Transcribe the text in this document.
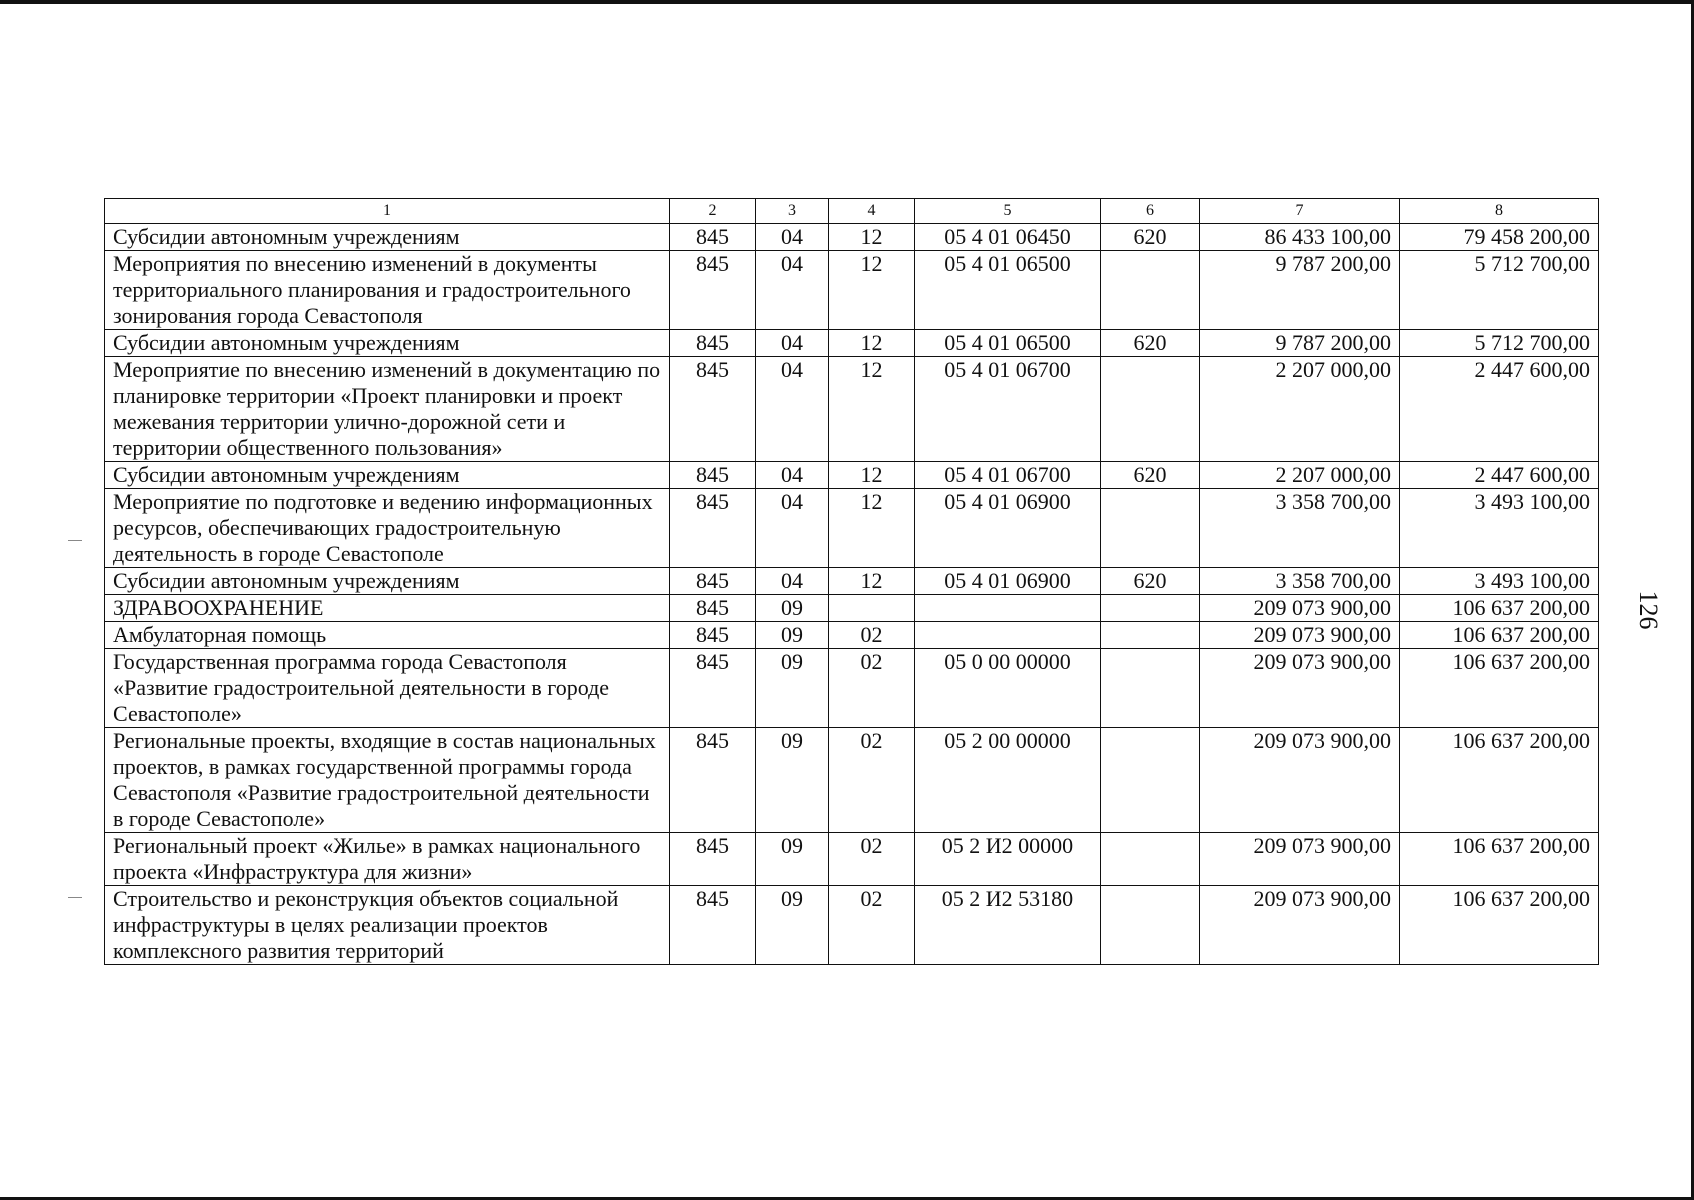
1	2	3	4	5	6	7	8
Субсидии автономным учреждениям	845	04	12	05 4 01 06450	620	86 433 100,00	79 458 200,00
Мероприятия по внесению изменений в документы территориального планирования и градостроительного зонирования города Севастополя	845	04	12	05 4 01 06500		9 787 200,00	5 712 700,00
Субсидии автономным учреждениям	845	04	12	05 4 01 06500	620	9 787 200,00	5 712 700,00
Мероприятие по внесению изменений в документацию по планировке территории «Проект планировки и проект межевания территории улично-дорожной сети и территории общественного пользования»	845	04	12	05 4 01 06700		2 207 000,00	2 447 600,00
Субсидии автономным учреждениям	845	04	12	05 4 01 06700	620	2 207 000,00	2 447 600,00
Мероприятие по подготовке и ведению информационных ресурсов, обеспечивающих градостроительную деятельность в городе Севастополе	845	04	12	05 4 01 06900		3 358 700,00	3 493 100,00
Субсидии автономным учреждениям	845	04	12	05 4 01 06900	620	3 358 700,00	3 493 100,00
ЗДРАВООХРАНЕНИЕ	845	09				209 073 900,00	106 637 200,00
Амбулаторная помощь	845	09	02			209 073 900,00	106 637 200,00
Государственная программа города Севастополя «Развитие градостроительной деятельности в городе Севастополе»	845	09	02	05 0 00 00000		209 073 900,00	106 637 200,00
Региональные проекты, входящие в состав национальных проектов, в рамках государственной программы города Севастополя «Развитие градостроительной деятельности в городе Севастополе»	845	09	02	05 2 00 00000		209 073 900,00	106 637 200,00
Региональный проект «Жилье» в рамках национального проекта «Инфраструктура для жизни»	845	09	02	05 2 И2 00000		209 073 900,00	106 637 200,00
Строительство и реконструкция объектов социальной инфраструктуры в целях реализации проектов комплексного развития территорий	845	09	02	05 2 И2 53180		209 073 900,00	106 637 200,00
126
